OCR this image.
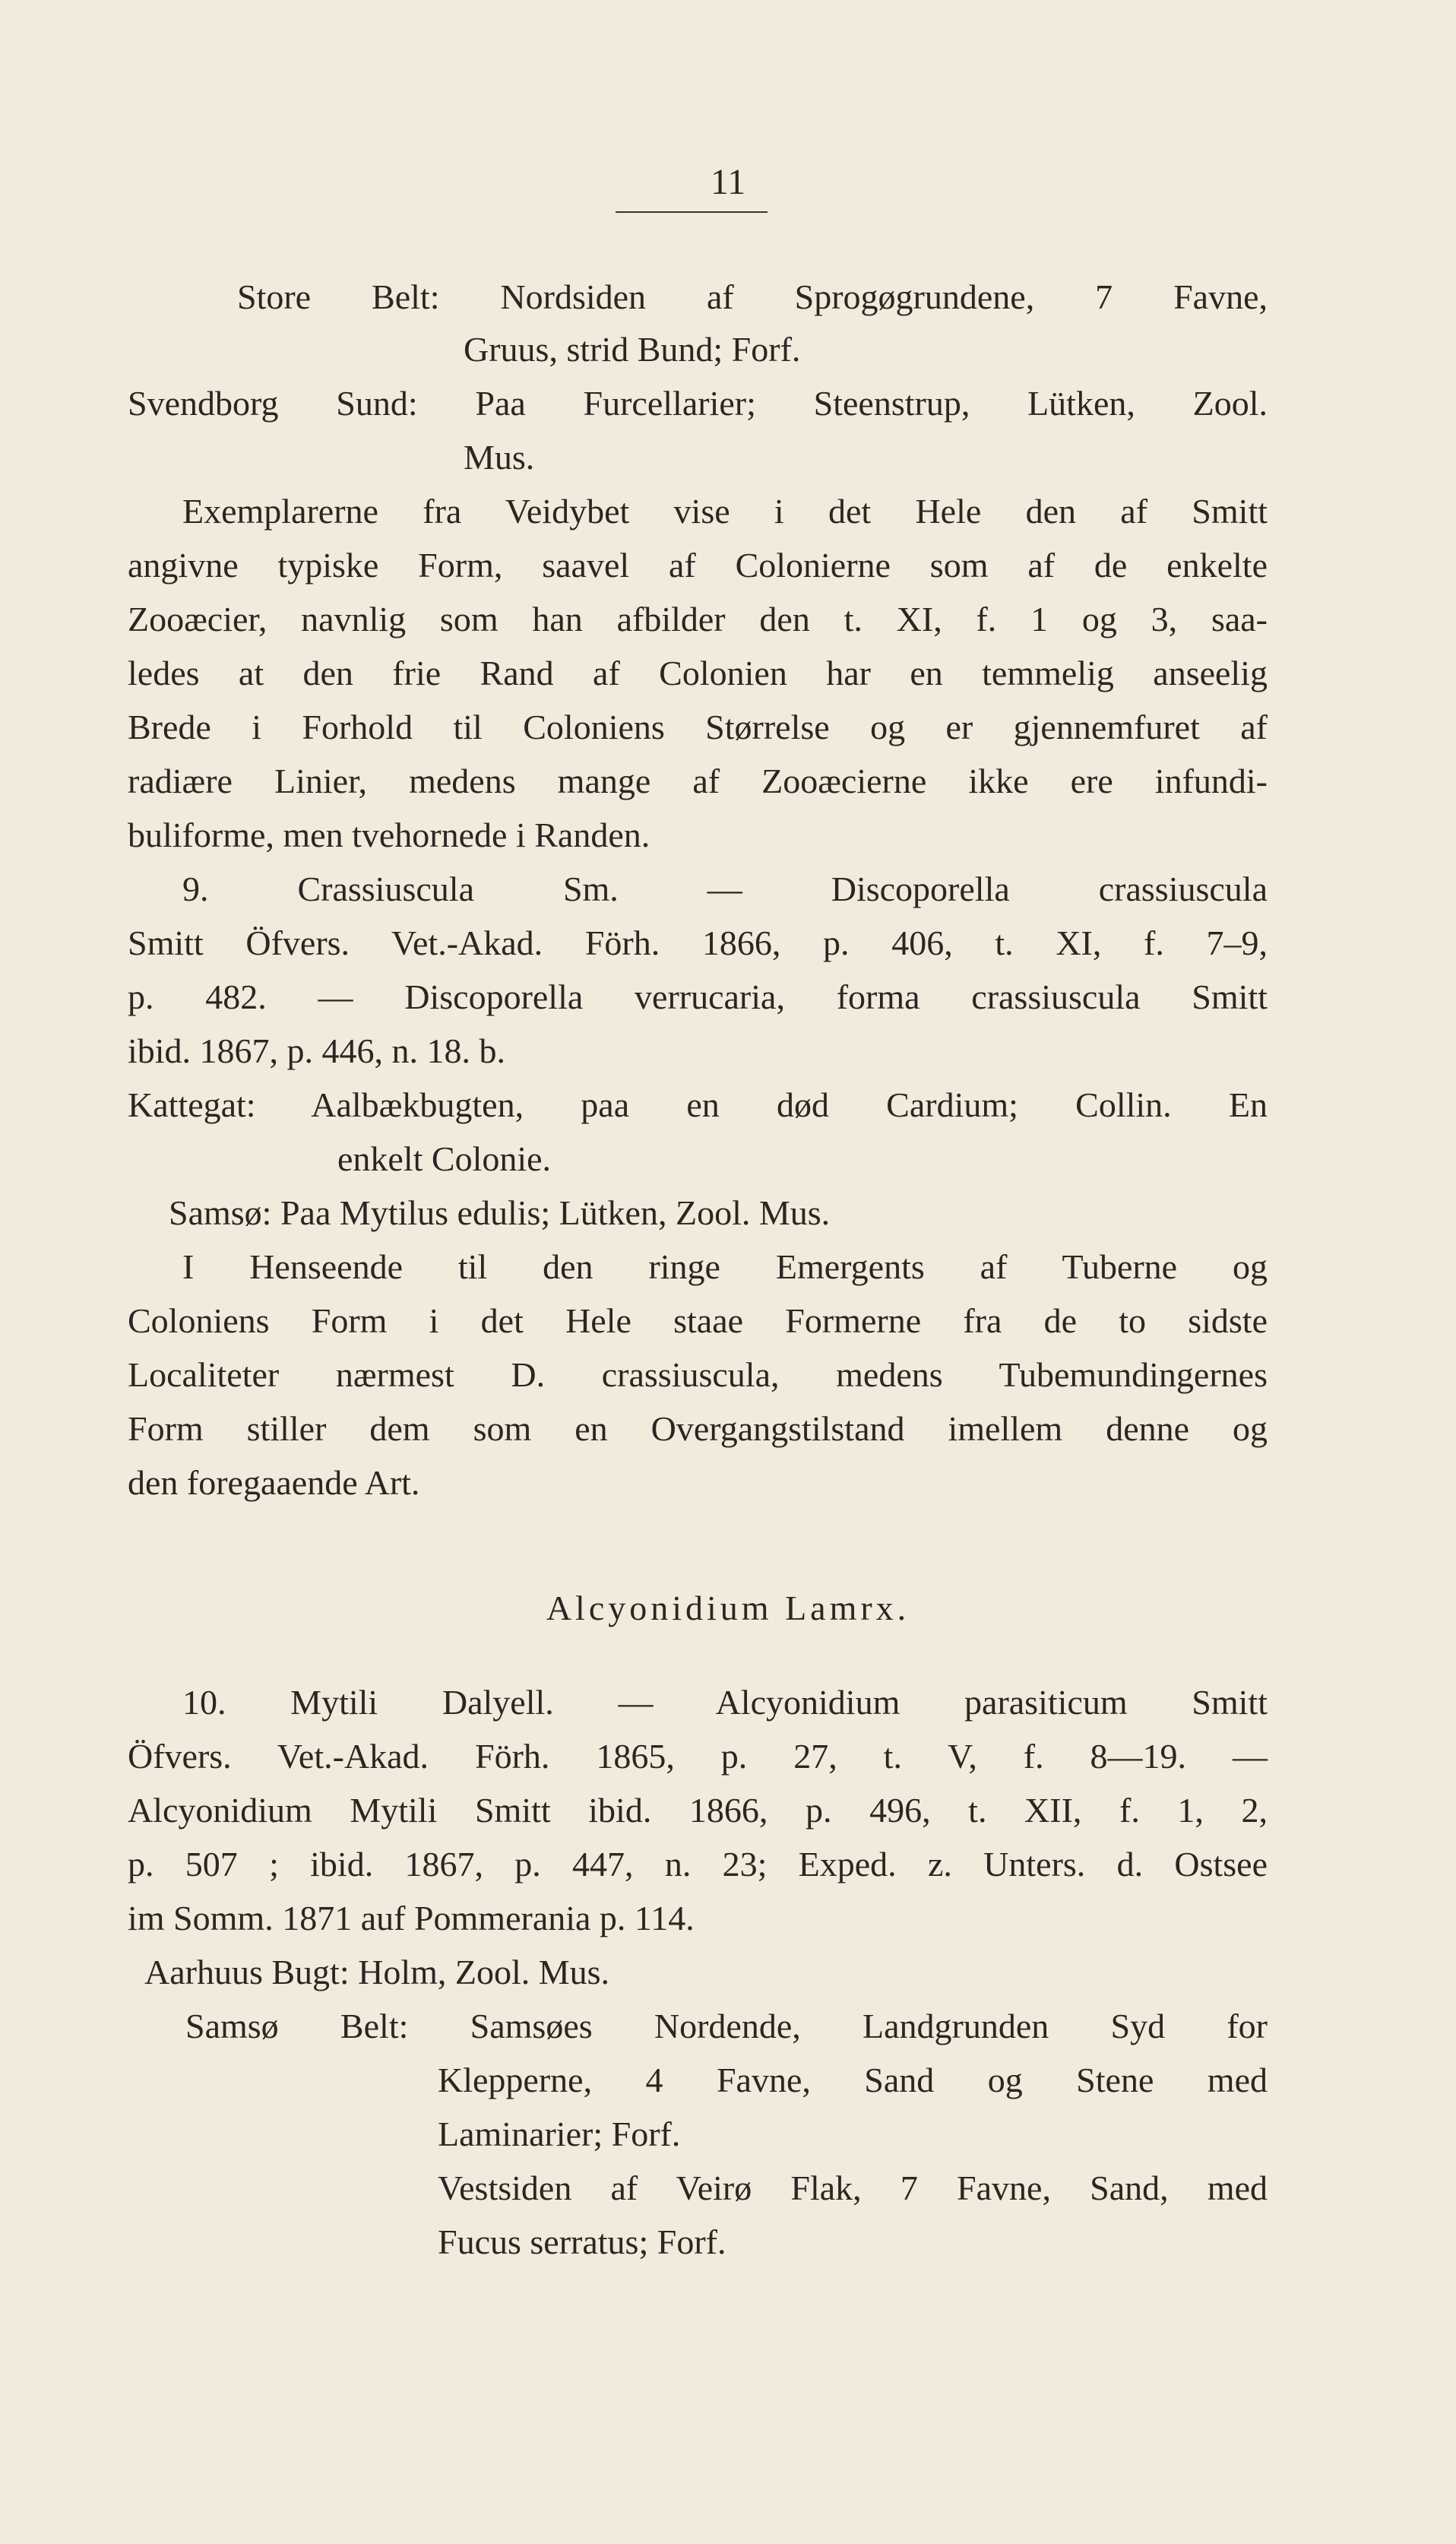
11
Store Belt: Nordsiden af Sprogøgrundene, 7 Favne,
Gruus, strid Bund; Forf.
Svendborg Sund: Paa Furcellarier; Steenstrup, Lütken, Zool.
Mus.
Exemplarerne fra Veidybet vise i det Hele den af Smitt
angivne typiske Form, saavel af Colonierne som af de enkelte
Zooæcier, navnlig som han afbilder den t. XI, f. 1 og 3, saa-
ledes at den frie Rand af Colonien har en temmelig anseelig
Brede i Forhold til Coloniens Størrelse og er gjennemfuret af
radiære Linier, medens mange af Zooæcierne ikke ere infundi-
buliforme, men tvehornede i Randen.
9. Crassiuscula Sm. — Discoporella crassiuscula
Smitt Öfvers. Vet.-Akad. Förh. 1866, p. 406, t. XI, f. 7–9,
p. 482. — Discoporella verrucaria, forma crassiuscula Smitt
ibid. 1867, p. 446, n. 18. b.
Kattegat: Aalbækbugten, paa en død Cardium; Collin. En
enkelt Colonie.
Samsø: Paa Mytilus edulis; Lütken, Zool. Mus.
I Henseende til den ringe Emergents af Tuberne og
Coloniens Form i det Hele staae Formerne fra de to sidste
Localiteter nærmest D. crassiuscula, medens Tubemundingernes
Form stiller dem som en Overgangstilstand imellem denne og
den foregaaende Art.
Alcyonidium Lamrx.
10. Mytili Dalyell. — Alcyonidium parasiticum Smitt
Öfvers. Vet.-Akad. Förh. 1865, p. 27, t. V, f. 8—19. —
Alcyonidium Mytili Smitt ibid. 1866, p. 496, t. XII, f. 1, 2,
p. 507 ; ibid. 1867, p. 447, n. 23; Exped. z. Unters. d. Ostsee
im Somm. 1871 auf Pommerania p. 114.
Aarhuus Bugt: Holm, Zool. Mus.
Samsø Belt: Samsøes Nordende, Landgrunden Syd for
Klepperne, 4 Favne, Sand og Stene med
Laminarier; Forf.
Vestsiden af Veirø Flak, 7 Favne, Sand, med
Fucus serratus; Forf.
